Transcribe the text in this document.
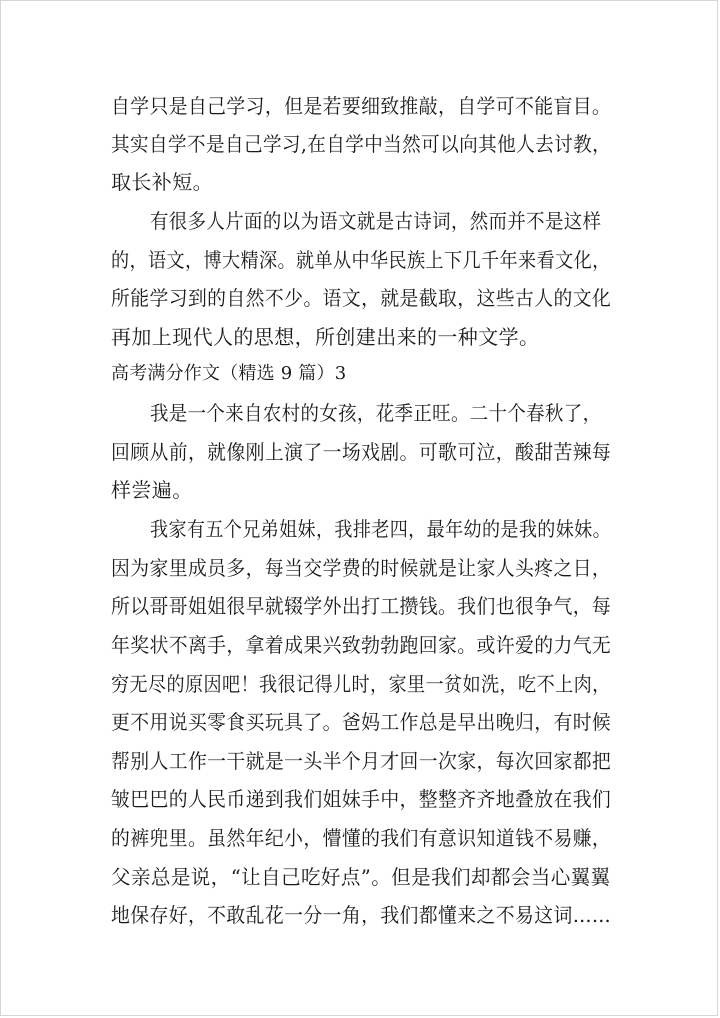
自学只是自己学习，但是若要细致推敲，自学可不能盲目。
其实自学不是自己学习,在自学中当然可以向其他人去讨教，
取长补短。
有很多人片面的以为语文就是古诗词，然而并不是这样
的，语文，博大精深。就单从中华民族上下几千年来看文化，
所能学习到的自然不少。语文，就是截取，这些古人的文化
再加上现代人的思想，所创建出来的一种文学。
高考满分作文（精选 9 篇）3
我是一个来自农村的女孩，花季正旺。二十个春秋了，
回顾从前，就像刚上演了一场戏剧。可歌可泣，酸甜苦辣每
样尝遍。
我家有五个兄弟姐妹，我排老四，最年幼的是我的妹妹。
因为家里成员多，每当交学费的时候就是让家人头疼之日，
所以哥哥姐姐很早就辍学外出打工攒钱。我们也很争气，每
年奖状不离手，拿着成果兴致勃勃跑回家。或许爱的力气无
穷无尽的原因吧！我很记得儿时，家里一贫如洗，吃不上肉，
更不用说买零食买玩具了。爸妈工作总是早出晚归，有时候
帮别人工作一干就是一头半个月才回一次家，每次回家都把
皱巴巴的人民币递到我们姐妹手中，整整齐齐地叠放在我们
的裤兜里。虽然年纪小，懵懂的我们有意识知道钱不易赚，
父亲总是说，“让自己吃好点”。但是我们却都会当心翼翼
地保存好，不敢乱花一分一角，我们都懂来之不易这词……
